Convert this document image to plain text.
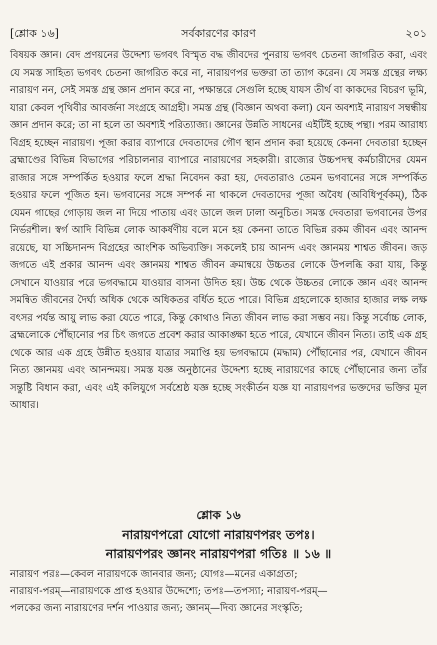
[শ্লোক ১৬]	সর্বকারণের কারণ	২০১

বিষয়ক জ্ঞান। বেদ প্রণয়নের উদ্দেশ্য ভগবৎ বিস্মৃত বদ্ধ জীবদের পুনরায় ভগবৎ চেতনা জাগরিত করা, এবং যে সমস্ত সাহিত্য ভগবৎ চেতনা জাগরিত করে না, নারায়ণপর ভক্তরা তা ত্যাগ করেন। যে সমস্ত গ্রন্থের লক্ষ্য নারায়ণ নন, সেই সমস্ত গ্রন্থ জ্ঞান প্রদান করে না, পক্ষান্তরে সেগুলি হচ্ছে যাযস তীর্থ বা কাকদের বিচরণ ভূমি, যারা কেবল পৃথিবীর আবর্জনা সংগ্রহে আগ্রহী। সমস্ত গ্রন্থ (বিজ্ঞান অথবা কলা) যেন অবশ্যই নারায়ণ সম্বন্ধীয় জ্ঞান প্রদান করে; তা না হলে তা অবশ্যই পরিত্যাজ্য। জ্ঞানের উন্নতি সাধনের এইটিই হচ্ছে পন্থা। পরম আরাধ্য বিগ্রহ হচ্ছেন নারায়ণ। পূজা করার ব্যাপারে দেবতাদের গৌণ স্থান প্রদান করা হয়েছে কেননা দেবতারা হচ্ছেন ব্রহ্মাণ্ডের বিভিন্ন বিভাগের পরিচালনার ব্যাপারে নারায়ণের সহকারী। রাজ্যের উচ্চপদস্থ কর্মচারীদের যেমন রাজার সঙ্গে সম্পর্কিত হওয়ার ফলে শ্রদ্ধা নিবেদন করা হয়, দেবতারাও তেমন ভগবানের সঙ্গে সম্পর্কিত হওয়ার ফলে পূজিত হন। ভগবানের সঙ্গে সম্পর্ক না থাকলে দেবতাদের পূজা অবৈধ (অবিধিপূর্বকম্), ঠিক যেমন গাছের গোড়ায় জল না দিয়ে পাতায় এবং ডালে জল ঢালা অনুচিত। সমস্ত দেবতারা ভগবানের উপর নির্ভরশীল। স্বর্গ আদি বিভিন্ন লোক আকর্ষণীয় বলে মনে হয় কেননা তাতে বিভিন্ন রকম জীবন এবং আনন্দ রয়েছে, যা সচ্চিদানন্দ বিগ্রহের আংশিক অভিব্যক্তি। সকলেই চায় আনন্দ এবং জ্ঞানময় শাশ্বত জীবন। জড় জগতে এই প্রকার আনন্দ এবং জ্ঞানময় শাশ্বত জীবন ক্রমান্বয়ে উচ্চতর লোকে উপলব্ধি করা যায়, কিন্তু সেখানে যাওয়ার পরে ভগবদ্ধামে যাওয়ার বাসনা উদিত হয়। উচ্চ থেকে উচ্চতর লোকে জ্ঞান এবং আনন্দ সমন্বিত জীবনের দৈর্ঘ্য অধিক থেকে অধিকতর বর্ধিত হতে পারে। বিভিন্ন গ্রহলোকে হাজার হাজার লক্ষ লক্ষ বৎসর পর্যন্ত আয়ু লাভ করা যেতে পারে, কিন্তু কোথাও নিত্য জীবন লাভ করা সম্ভব নয়। কিন্তু সর্বোচ্চ লোক, ব্রহ্মলোকে পৌঁছানোর পর চিৎ জগতে প্রবেশ করার আকাঙ্ক্ষা হতে পারে, যেখানে জীবন নিত্য। তাই এক গ্রহ থেকে আর এক গ্রহে উন্নীত হওয়ার যাত্রার সমাপ্তি হয় ভগবদ্ধামে (মদ্ধাম) পৌঁছানোর পর, যেখানে জীবন নিত্য জ্ঞানময় এবং আনন্দময়। সমস্ত যজ্ঞ অনুষ্ঠানের উদ্দেশ্য হচ্ছে নারায়ণের কাছে পৌঁছানোর জন্য তাঁর সন্তুষ্টি বিধান করা, এবং এই কলিযুগে সর্বশ্রেষ্ঠ যজ্ঞ হচ্ছে সংকীর্তন যজ্ঞ যা নারায়ণপর ভক্তদের ভক্তির মূল আধার।

শ্লোক ১৬
নারায়ণপরো যোগো নারায়ণপরং তপঃ।
নারায়ণপরং জ্ঞানং নারায়ণপরা গতিঃ ॥ ১৬ ॥

নারায়ণ পরঃ—কেবল নারায়ণকে জানবার জন্য; যোগঃ—মনের একাগ্রতা;

নারায়ণ-পরম্—নারায়ণকে প্রাপ্ত হওয়ার উদ্দেশ্যে; তপঃ—তপস্যা; নারায়ণ-পরম্—

পলকের জন্য নারায়ণের দর্শন পাওয়ার জন্য; জ্ঞানম্—দিব্য জ্ঞানের সংস্কৃতি;
